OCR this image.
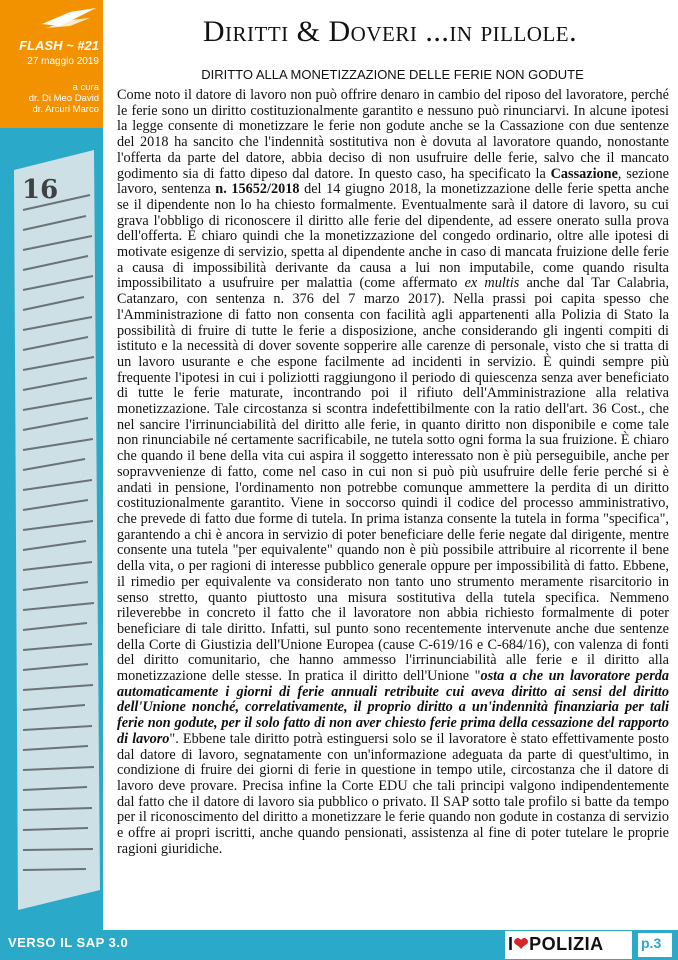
16
FLASH ~ #21
27 maggio 2019
a cura
dr. Di Meo David
dr. Arcuri Marco
Diritti & Doveri ...in pillole.
DIRITTO ALLA MONETIZZAZIONE DELLE FERIE NON GODUTE

Come noto il datore di lavoro non può offrire denaro in cambio del riposo del lavoratore, perché le ferie sono un diritto costituzionalmente garantito e nessuno può rinunciarvi. In alcune ipotesi la legge consente di monetizzare le ferie non godute anche se la Cassazione con due sentenze del 2018 ha sancito che l'indennità sostitutiva non è dovuta al lavoratore quando, nonostante l'offerta da parte del datore, abbia deciso di non usufruire delle ferie, salvo che il mancato godimento sia di fatto dipeso dal datore. In questo caso, ha specificato la Cassazione, sezione lavoro, sentenza n. 15652/2018 del 14 giugno 2018, la monetizzazione delle ferie spetta anche se il dipendente non lo ha chiesto formalmente. Eventualmente sarà il datore di lavoro, su cui grava l'obbligo di riconoscere il diritto alle ferie del dipendente, ad essere onerato sulla prova dell'offerta. È chiaro quindi che la monetizzazione del congedo ordinario, oltre alle ipotesi di motivate esigenze di servizio, spetta al dipendente anche in caso di mancata fruizione delle ferie a causa di impossibilità derivante da causa a lui non imputabile, come quando risulta impossibilitato a usufruire per malattia (come affermato ex multis anche dal Tar Calabria, Catanzaro, con sentenza n. 376 del 7 marzo 2017). Nella prassi poi capita spesso che l'Amministrazione di fatto non consenta con facilità agli appartenenti alla Polizia di Stato la possibilità di fruire di tutte le ferie a disposizione, anche considerando gli ingenti compiti di istituto e la necessità di dover sovente sopperire alle carenze di personale, visto che si tratta di un lavoro usurante e che espone facilmente ad incidenti in servizio. È quindi sempre più frequente l'ipotesi in cui i poliziotti raggiungono il periodo di quiescenza senza aver beneficiato di tutte le ferie maturate, incontrando poi il rifiuto dell'Amministrazione alla relativa monetizzazione. Tale circostanza si scontra indefettibilmente con la ratio dell'art. 36 Cost., che nel sancire l'irrinunciabilità del diritto alle ferie, in quanto diritto non disponibile e come tale non rinunciabile né certamente sacrificabile, ne tutela sotto ogni forma la sua fruizione. È chiaro che quando il bene della vita cui aspira il soggetto interessato non è più perseguibile, anche per sopravvenienze di fatto, come nel caso in cui non si può più usufruire delle ferie perché si è andati in pensione, l'ordinamento non potrebbe comunque ammettere la perdita di un diritto costituzionalmente garantito. Viene in soccorso quindi il codice del processo amministrativo, che prevede di fatto due forme di tutela. In prima istanza consente la tutela in forma "specifica", garantendo a chi è ancora in servizio di poter beneficiare delle ferie negate dal dirigente, mentre consente una tutela "per equivalente" quando non è più possibile attribuire al ricorrente il bene della vita, o per ragioni di interesse pubblico generale oppure per impossibilità di fatto. Ebbene, il rimedio per equivalente va considerato non tanto uno strumento meramente risarcitorio in senso stretto, quanto piuttosto una misura sostitutiva della tutela specifica. Nemmeno rileverebbe in concreto il fatto che il lavoratore non abbia richiesto formalmente di poter beneficiare di tale diritto. Infatti, sul punto sono recentemente intervenute anche due sentenze della Corte di Giustizia dell'Unione Europea (cause C-619/16 e C-684/16), con valenza di fonti del diritto comunitario, che hanno ammesso l'irrinunciabilità alle ferie e il diritto alla monetizzazione delle stesse. In pratica il diritto dell'Unione "osta a che un lavoratore perda automaticamente i giorni di ferie annuali retribuite cui aveva diritto ai sensi del diritto dell'Unione nonché, correlativamente, il proprio diritto a un'indennità finanziaria per tali ferie non godute, per il solo fatto di non aver chiesto ferie prima della cessazione del rapporto di lavoro". Ebbene tale diritto potrà estinguersi solo se il lavoratore è stato effettivamente posto dal datore di lavoro, segnatamente con un'informazione adeguata da parte di quest'ultimo, in condizione di fruire dei giorni di ferie in questione in tempo utile, circostanza che il datore di lavoro deve provare. Precisa infine la Corte EDU che tali principi valgono indipendentemente dal fatto che il datore di lavoro sia pubblico o privato. Il SAP sotto tale profilo si batte da tempo per il riconoscimento del diritto a monetizzare le ferie quando non godute in costanza di servizio e offre ai propri iscritti, anche quando pensionati, assistenza al fine di poter tutelare le proprie ragioni giuridiche.

VERSO IL SAP 3.0	I❤POLIZIA	p.3
